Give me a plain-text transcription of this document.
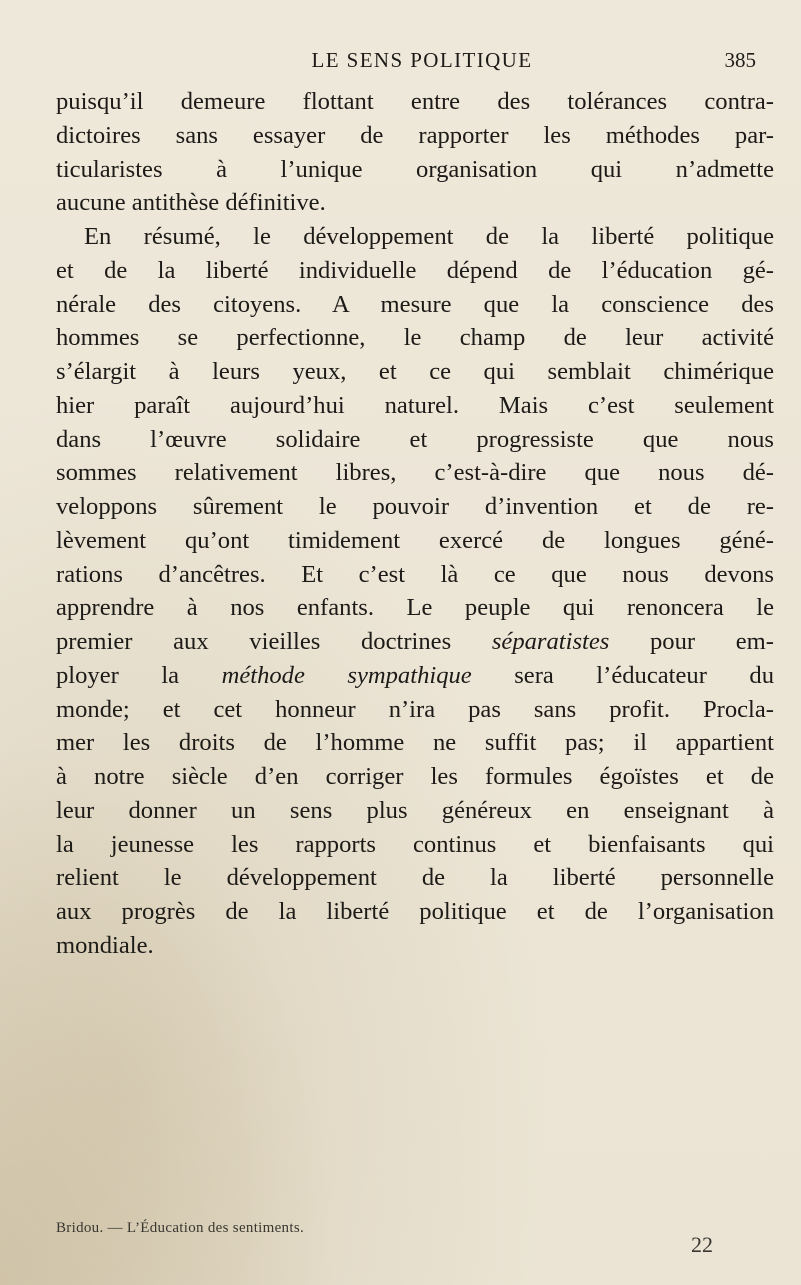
LE SENS POLITIQUE	385
puisqu’il demeure flottant entre des tolérances contra-
dictoires sans essayer de rapporter les méthodes par-
ticularistes à l’unique organisation qui n’admette
aucune antithèse définitive.
En résumé, le développement de la liberté politique
et de la liberté individuelle dépend de l’éducation gé-
nérale des citoyens. A mesure que la conscience des
hommes se perfectionne, le champ de leur activité
s’élargit à leurs yeux, et ce qui semblait chimérique
hier paraît aujourd’hui naturel. Mais c’est seulement
dans l’œuvre solidaire et progressiste que nous
sommes relativement libres, c’est-à-dire que nous dé-
veloppons sûrement le pouvoir d’invention et de re-
lèvement qu’ont timidement exercé de longues géné-
rations d’ancêtres. Et c’est là ce que nous devons
apprendre à nos enfants. Le peuple qui renoncera le
premier aux vieilles doctrines séparatistes pour em-
ployer la méthode sympathique sera l’éducateur du
monde; et cet honneur n’ira pas sans profit. Procla-
mer les droits de l’homme ne suffit pas; il appartient
à notre siècle d’en corriger les formules égoïstes et de
leur donner un sens plus généreux en enseignant à
la jeunesse les rapports continus et bienfaisants qui
relient le développement de la liberté personnelle
aux progrès de la liberté politique et de l’organisation
mondiale.
Bridou. — L’Éducation des sentiments.
22
